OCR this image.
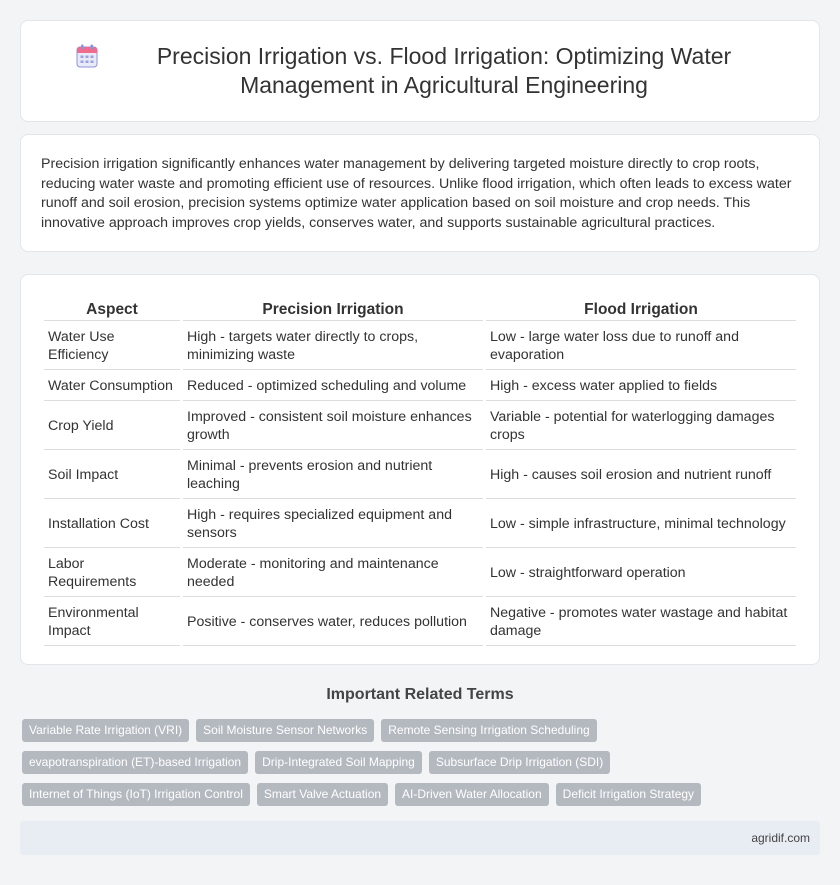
Precision Irrigation vs. Flood Irrigation: Optimizing Water Management in Agricultural Engineering

Precision irrigation significantly enhances water management by delivering targeted moisture directly to crop roots, reducing water waste and promoting efficient use of resources. Unlike flood irrigation, which often leads to excess water runoff and soil erosion, precision systems optimize water application based on soil moisture and crop needs. This innovative approach improves crop yields, conserves water, and supports sustainable agricultural practices.

Aspect	Precision Irrigation	Flood Irrigation
Water Use Efficiency	High - targets water directly to crops, minimizing waste	Low - large water loss due to runoff and evaporation
Water Consumption	Reduced - optimized scheduling and volume	High - excess water applied to fields
Crop Yield	Improved - consistent soil moisture enhances growth	Variable - potential for waterlogging damages crops
Soil Impact	Minimal - prevents erosion and nutrient leaching	High - causes soil erosion and nutrient runoff
Installation Cost	High - requires specialized equipment and sensors	Low - simple infrastructure, minimal technology
Labor Requirements	Moderate - monitoring and maintenance needed	Low - straightforward operation
Environmental Impact	Positive - conserves water, reduces pollution	Negative - promotes water wastage and habitat damage
Important Related Terms
Variable Rate Irrigation (VRI)	Soil Moisture Sensor Networks	Remote Sensing Irrigation Scheduling
evapotranspiration (ET)-based Irrigation	Drip-Integrated Soil Mapping	Subsurface Drip Irrigation (SDI)
Internet of Things (IoT) Irrigation Control	Smart Valve Actuation	AI-Driven Water Allocation	Deficit Irrigation Strategy
agridif.com
